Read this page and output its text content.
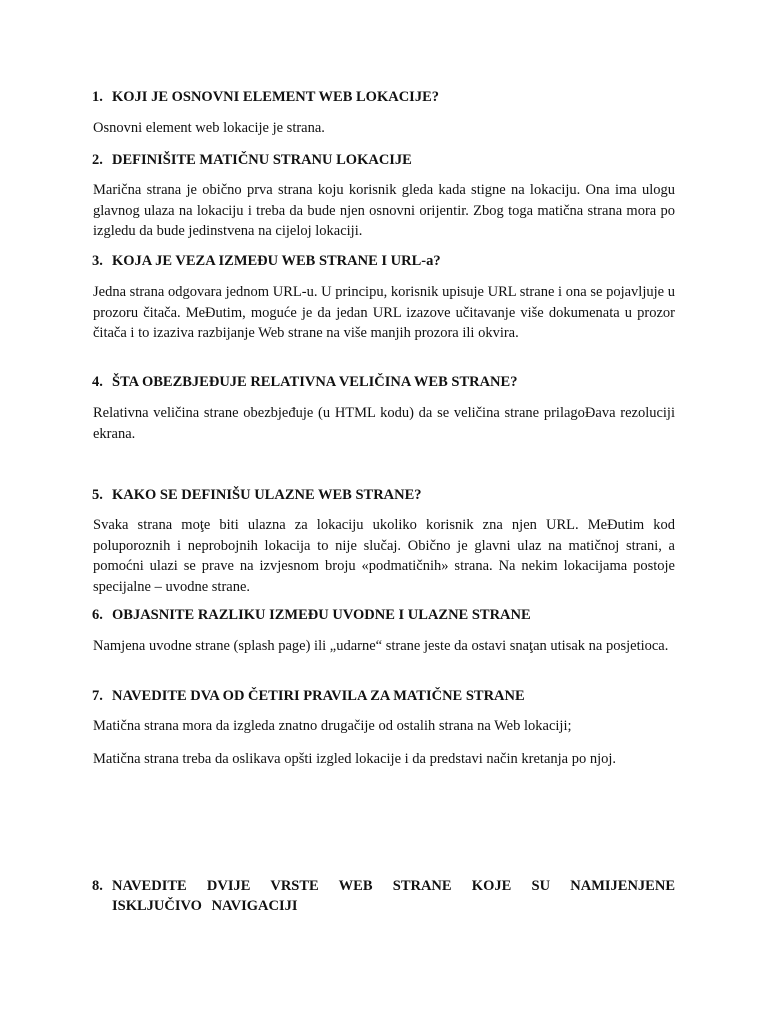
1. KOJI JE OSNOVNI ELEMENT WEB LOKACIJE?

Osnovni element web lokacije je strana.

2. DEFINIŠITE MATIČNU STRANU LOKACIJE

Marična strana je obično prva strana koju korisnik gleda kada stigne na lokaciju. Ona ima ulogu glavnog ulaza na lokaciju i treba da bude njen osnovni orijentir. Zbog toga matična strana mora po izgledu da bude jedinstvena na cijeloj lokaciji.

3. KOJA JE VEZA IZMEĐU WEB STRANE I URL-a?

Jedna strana odgovara jednom URL-u. U principu, korisnik upisuje URL strane i ona se pojavljuje u prozoru čitača. MeĐutim, moguće je da jedan URL izazove učitavanje više dokumenata u prozor čitača i to izaziva razbijanje Web strane na više manjih prozora ili okvira.

4. ŠTA OBEZBJEĐUJE RELATIVNA VELIČINA WEB STRANE?

Relativna veličina strane obezbjeđuje (u HTML kodu) da se veličina strane prilagoĐava rezoluciji ekrana.

5. KAKO SE DEFINIŠU ULAZNE WEB STRANE?

Svaka strana moţe biti ulazna za lokaciju ukoliko korisnik zna njen URL. MeĐutim kod poluporoznih i neprobojnih lokacija to nije slučaj. Obično je glavni ulaz na matičnoj strani, a pomoćni ulazi se prave na izvjesnom broju «podmatičnih» strana. Na nekim lokacijama postoje specijalne – uvodne strane.

6. OBJASNITE RAZLIKU IZMEĐU UVODNE I ULAZNE STRANE

Namjena uvodne strane (splash page) ili „udarne“ strane jeste da ostavi snaţan utisak na posjetioca.

7. NAVEDITE DVA OD ČETIRI PRAVILA ZA MATIČNE STRANE

Matična strana mora da izgleda znatno drugačije od ostalih strana na Web lokaciji;

Matična strana treba da oslikava opšti izgled lokacije i da predstavi način kretanja po njoj.

8. NAVEDITE DVIJE VRSTE WEB STRANE KOJE SU NAMIJENJENE ISKLJUČIVO NAVIGACIJI
